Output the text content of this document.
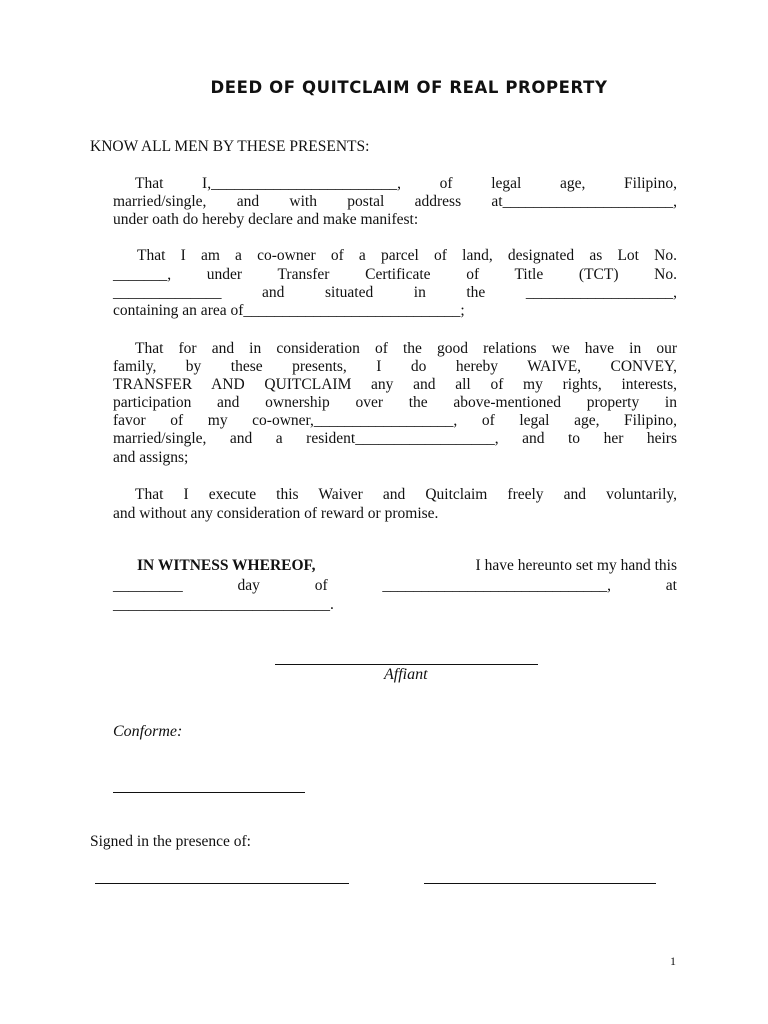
DEED OF QUITCLAIM OF REAL PROPERTY
KNOW ALL MEN BY THESE PRESENTS:
That I,________________________, of legal age, Filipino,
married/single, and with postal address at______________________,
under oath do hereby declare and make manifest:
That I am a co-owner of a parcel of land, designated as Lot No.
_______, under Transfer Certificate of Title (TCT) No.
______________ and situated in the ___________________,
containing an area of____________________________;
That for and in consideration of the good relations we have in our
family, by these presents, I do hereby WAIVE, CONVEY,
TRANSFER AND QUITCLAIM any and all of my rights, interests,
participation and ownership over the above-mentioned property in
favor of my co-owner,__________________, of legal age, Filipino,
married/single, and a resident__________________, and to her heirs
and assigns;
That I execute this Waiver and Quitclaim freely and voluntarily,
and without any consideration of reward or promise.
IN WITNESS WHEREOF,	I have hereunto set my hand this
_________ day of _____________________________, at
____________________________.
Affiant
Conforme:
Signed in the presence of:
1
